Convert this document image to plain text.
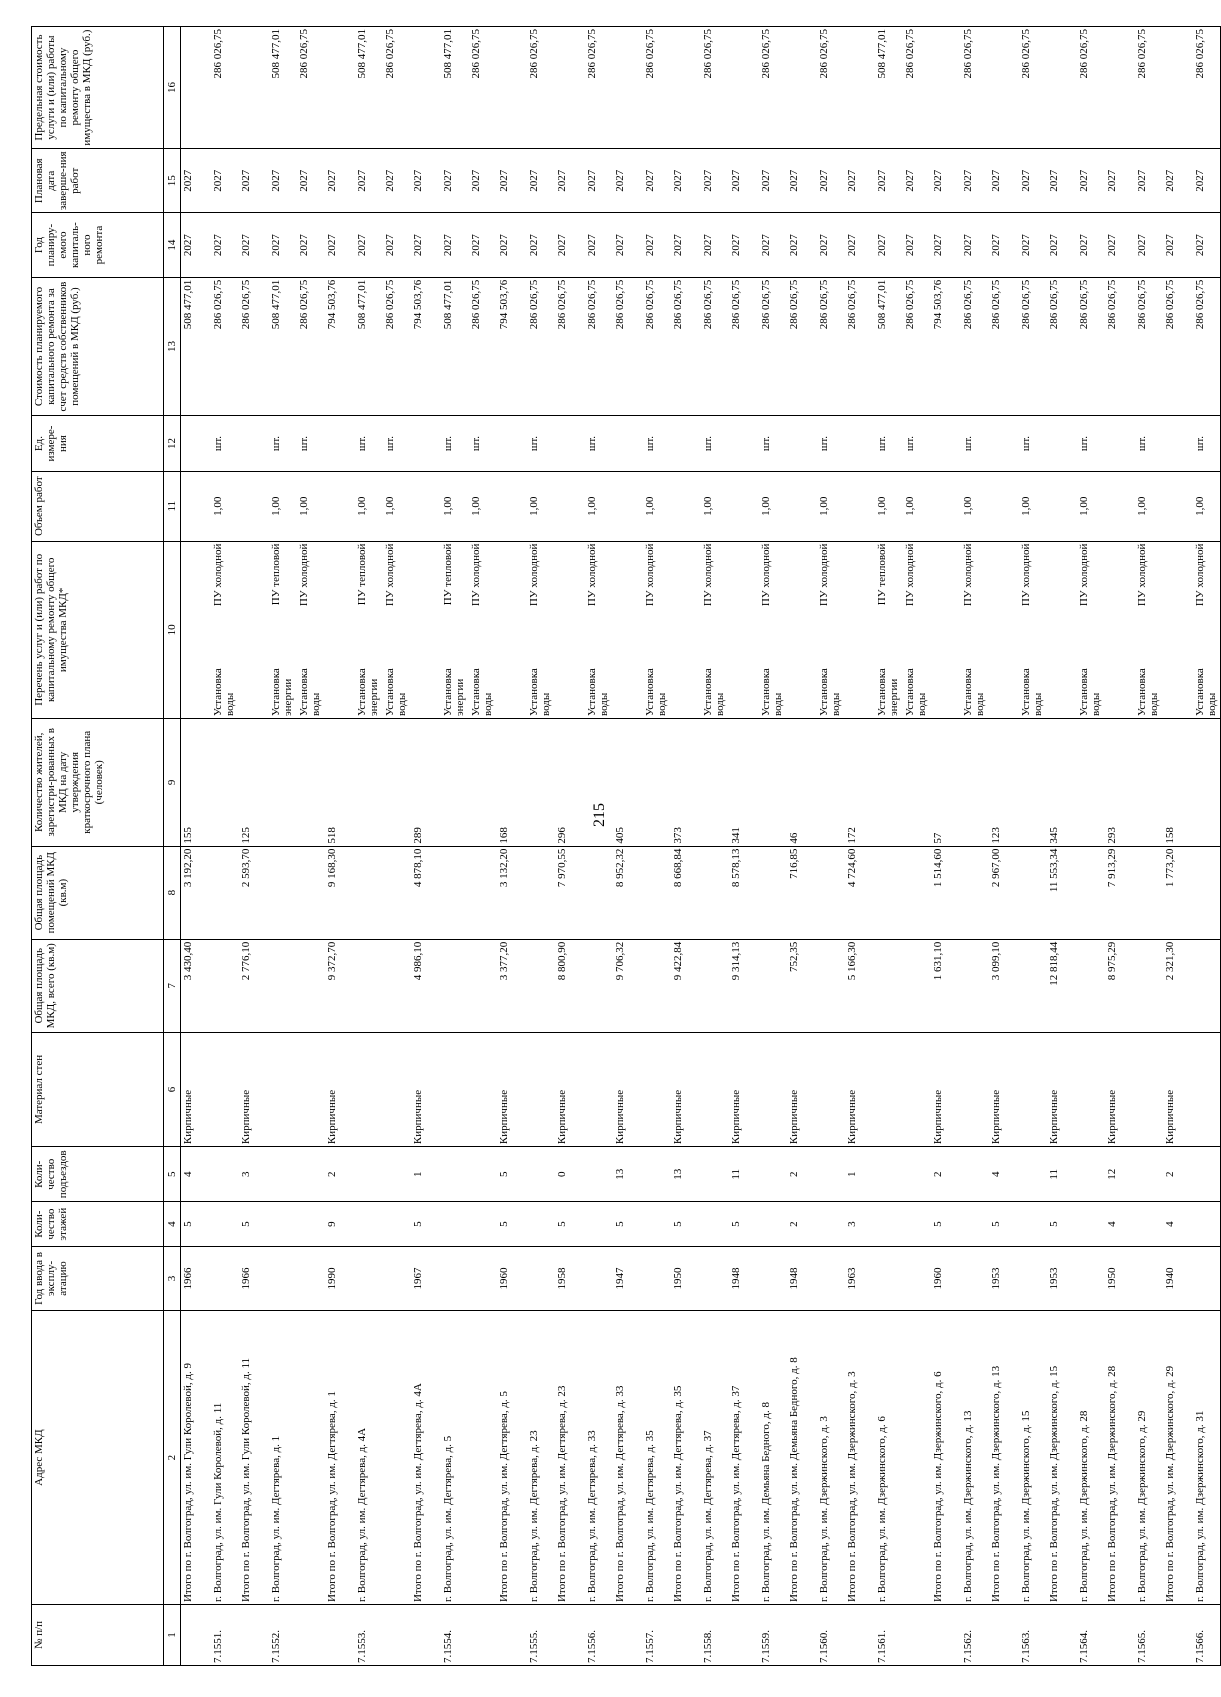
215
№ п/п	Адрес МКД	Год ввода в эксплу-атацию	Коли-чество этажей	Коли-чество подъездов	Материал стен	Общая площадь МКД, всего (кв.м)	Общая площадь помещений МКД (кв.м)	Количество жителей, зарегистри-рованных в МКД на дату утверждения краткосрочного плана (человек)	Перечень услуг и (или) работ по капитальному ремонту общего имущества МКД*	Объем работ	Ед. измере-ния	Стоимость планируемого капитального ремонта за счет средств собственников помещений в МКД (руб.)	Год планиру-емого капиталь-ного ремонта	Плановая дата заверше-ния работ	Предельная стоимость услуги и (или) работы по капитальному ремонту общего имущества в МКД (руб.)
1	2	3	4	5	6	7	8	9	10	11	12	13	14	15	16
	Итого по г. Волгоград, ул. им. Гули Королевой, д. 9	1966	5	4	Кирпичные	3 430,40	3 192,20	155				508 477,01	2027	2027	
7.1551.	г. Волгоград, ул. им. Гули Королевой, д. 11								Установка
ПУ холодной
воды	1,00	шт.	286 026,75	2027	2027	286 026,75
	Итого по г. Волгоград, ул. им. Гули Королевой, д. 11	1966	5	3	Кирпичные	2 776,10	2 593,70	125				286 026,75	2027	2027	
7.1552.	г. Волгоград, ул. им. Дегтярева, д. 1								Установка
ПУ тепловой
энергии	1,00	шт.	508 477,01	2027	2027	508 477,01

									Установка
ПУ холодной
воды	1,00	шт.	286 026,75	2027	2027	286 026,75
	Итого по г. Волгоград, ул. им. Дегтярева, д. 1	1990	9	2	Кирпичные	9 372,70	9 168,30	518				794 503,76	2027	2027	
7.1553.	г. Волгоград, ул. им. Дегтярева, д. 4А								Установка
ПУ тепловой
энергии	1,00	шт.	508 477,01	2027	2027	508 477,01

									Установка
ПУ холодной
воды	1,00	шт.	286 026,75	2027	2027	286 026,75
	Итого по г. Волгоград, ул. им. Дегтярева, д. 4А	1967	5	1	Кирпичные	4 986,10	4 878,10	289				794 503,76	2027	2027	
7.1554.	г. Волгоград, ул. им. Дегтярева, д. 5								Установка
ПУ тепловой
энергии	1,00	шт.	508 477,01	2027	2027	508 477,01

									Установка
ПУ холодной
воды	1,00	шт.	286 026,75	2027	2027	286 026,75
	Итого по г. Волгоград, ул. им. Дегтярева, д. 5	1960	5	5	Кирпичные	3 377,20	3 132,20	168				794 503,76	2027	2027	
7.1555.	г. Волгоград, ул. им. Дегтярева, д. 23								Установка
ПУ холодной
воды	1,00	шт.	286 026,75	2027	2027	286 026,75
	Итого по г. Волгоград, ул. им. Дегтярева, д. 23	1958	5	0	Кирпичные	8 800,90	7 970,55	296				286 026,75	2027	2027	
7.1556.	г. Волгоград, ул. им. Дегтярева, д. 33								Установка
ПУ холодной
воды	1,00	шт.	286 026,75	2027	2027	286 026,75
	Итого по г. Волгоград, ул. им. Дегтярева, д. 33	1947	5	13	Кирпичные	9 706,32	8 952,32	405				286 026,75	2027	2027	
7.1557.	г. Волгоград, ул. им. Дегтярева, д. 35								Установка
ПУ холодной
воды	1,00	шт.	286 026,75	2027	2027	286 026,75
	Итого по г. Волгоград, ул. им. Дегтярева, д. 35	1950	5	13	Кирпичные	9 422,84	8 668,84	373				286 026,75	2027	2027	
7.1558.	г. Волгоград, ул. им. Дегтярева, д. 37								Установка
ПУ холодной
воды	1,00	шт.	286 026,75	2027	2027	286 026,75
	Итого по г. Волгоград, ул. им. Дегтярева, д. 37	1948	5	11	Кирпичные	9 314,13	8 578,13	341				286 026,75	2027	2027	
7.1559.	г. Волгоград, ул. им. Демьяна Бедного, д. 8								Установка
ПУ холодной
воды	1,00	шт.	286 026,75	2027	2027	286 026,75
	Итого по г. Волгоград, ул. им. Демьяна Бедного, д. 8	1948	2	2	Кирпичные	752,35	716,85	46				286 026,75	2027	2027	
7.1560.	г. Волгоград, ул. им. Дзержинского, д. 3								Установка
ПУ холодной
воды	1,00	шт.	286 026,75	2027	2027	286 026,75
	Итого по г. Волгоград, ул. им. Дзержинского, д. 3	1963	3	1	Кирпичные	5 166,30	4 724,60	172				286 026,75	2027	2027	
7.1561.	г. Волгоград, ул. им. Дзержинского, д. 6								Установка
ПУ тепловой
энергии	1,00	шт.	508 477,01	2027	2027	508 477,01

									Установка
ПУ холодной
воды	1,00	шт.	286 026,75	2027	2027	286 026,75
	Итого по г. Волгоград, ул. им. Дзержинского, д. 6	1960	5	2	Кирпичные	1 631,10	1 514,60	57				794 503,76	2027	2027	
7.1562.	г. Волгоград, ул. им. Дзержинского, д. 13								Установка
ПУ холодной
воды	1,00	шт.	286 026,75	2027	2027	286 026,75
	Итого по г. Волгоград, ул. им. Дзержинского, д. 13	1953	5	4	Кирпичные	3 099,10	2 967,00	123				286 026,75	2027	2027	
7.1563.	г. Волгоград, ул. им. Дзержинского, д. 15								Установка
ПУ холодной
воды	1,00	шт.	286 026,75	2027	2027	286 026,75
	Итого по г. Волгоград, ул. им. Дзержинского, д. 15	1953	5	11	Кирпичные	12 818,44	11 553,34	345				286 026,75	2027	2027	
7.1564.	г. Волгоград, ул. им. Дзержинского, д. 28								Установка
ПУ холодной
воды	1,00	шт.	286 026,75	2027	2027	286 026,75
	Итого по г. Волгоград, ул. им. Дзержинского, д. 28	1950	4	12	Кирпичные	8 975,29	7 913,29	293				286 026,75	2027	2027	
7.1565.	г. Волгоград, ул. им. Дзержинского, д. 29								Установка
ПУ холодной
воды	1,00	шт.	286 026,75	2027	2027	286 026,75
	Итого по г. Волгоград, ул. им. Дзержинского, д. 29	1940	4	2	Кирпичные	2 321,30	1 773,20	158				286 026,75	2027	2027	
7.1566.	г. Волгоград, ул. им. Дзержинского, д. 31								Установка
ПУ холодной
воды	1,00	шт.	286 026,75	2027	2027	286 026,75
